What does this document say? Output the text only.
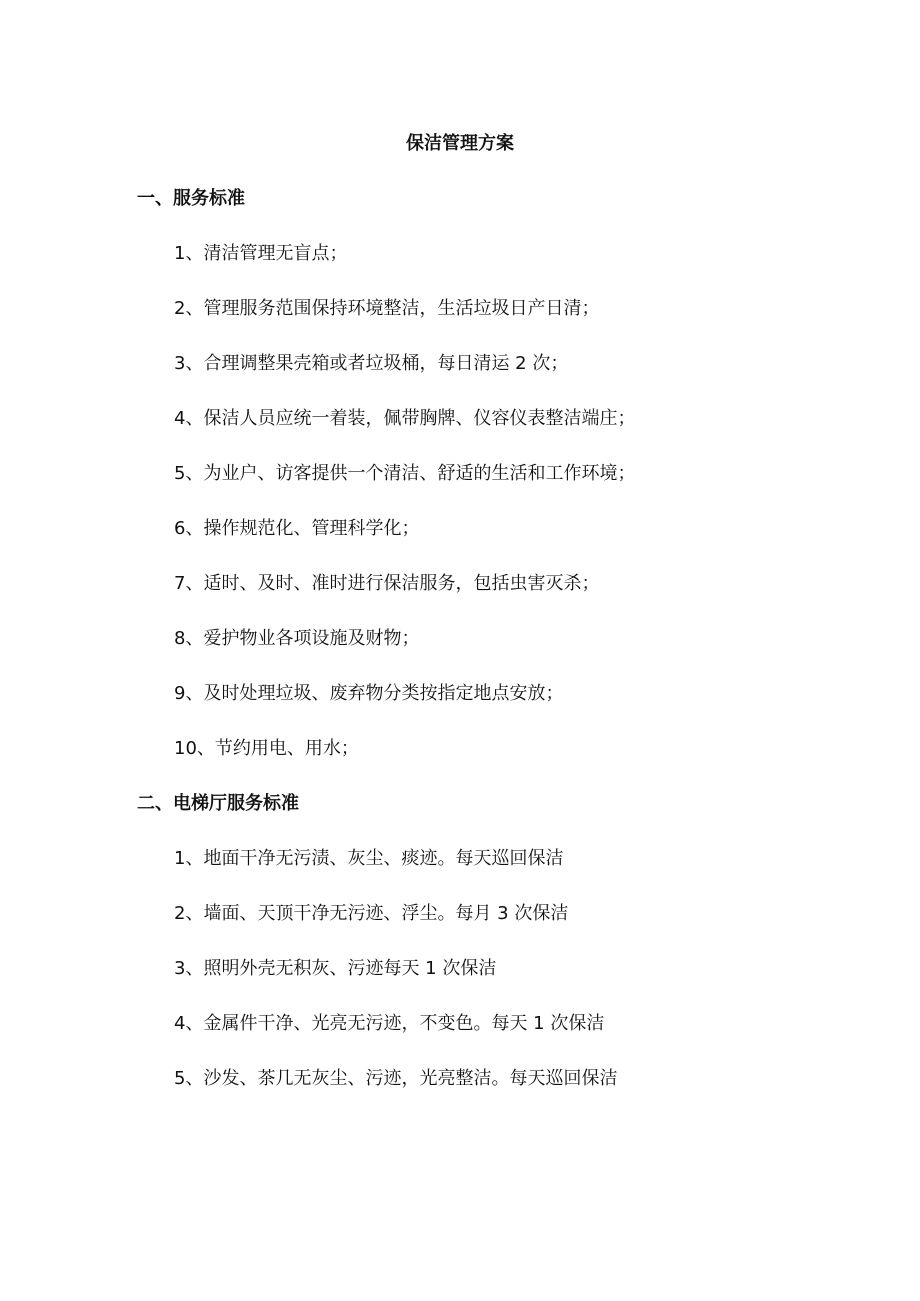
保洁管理方案
一、服务标准

1、清洁管理无盲点；

2、管理服务范围保持环境整洁，生活垃圾日产日清；

3、合理调整果壳箱或者垃圾桶，每日清运 2 次；

4、保洁人员应统一着装，佩带胸牌、仪容仪表整洁端庄；

5、为业户、访客提供一个清洁、舒适的生活和工作环境；

6、操作规范化、管理科学化；

7、适时、及时、准时进行保洁服务，包括虫害灭杀；

8、爱护物业各项设施及财物；

9、及时处理垃圾、废弃物分类按指定地点安放；

10、节约用电、用水；

二、电梯厅服务标准

1、地面干净无污渍、灰尘、痰迹。每天巡回保洁

2、墙面、天顶干净无污迹、浮尘。每月 3 次保洁

3、照明外壳无积灰、污迹每天 1 次保洁

4、金属件干净、光亮无污迹，不变色。每天 1 次保洁

5、沙发、茶几无灰尘、污迹，光亮整洁。每天巡回保洁
